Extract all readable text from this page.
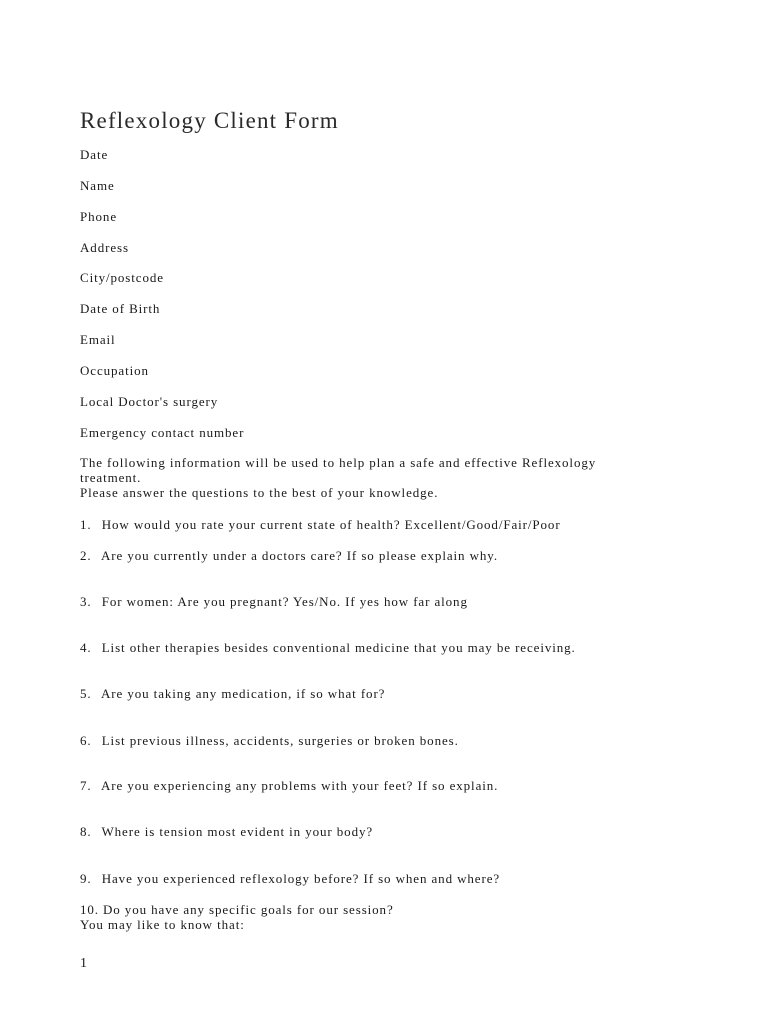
Reflexology Client Form
Date
Name
Phone
Address
City/postcode
Date of Birth
Email
Occupation
Local Doctor's surgery
Emergency contact number
The following information will be used to help plan a safe and effective Reflexology
treatment.
Please answer the questions to the best of your knowledge.
1. How would you rate your current state of health? Excellent/Good/Fair/Poor
2. Are you currently under a doctors care? If so please explain why.
3. For women: Are you pregnant? Yes/No. If yes how far along
4. List other therapies besides conventional medicine that you may be receiving.
5. Are you taking any medication, if so what for?
6. List previous illness, accidents, surgeries or broken bones.
7. Are you experiencing any problems with your feet? If so explain.
8. Where is tension most evident in your body?
9. Have you experienced reflexology before? If so when and where?
10. Do you have any specific goals for our session?
You may like to know that:
1
